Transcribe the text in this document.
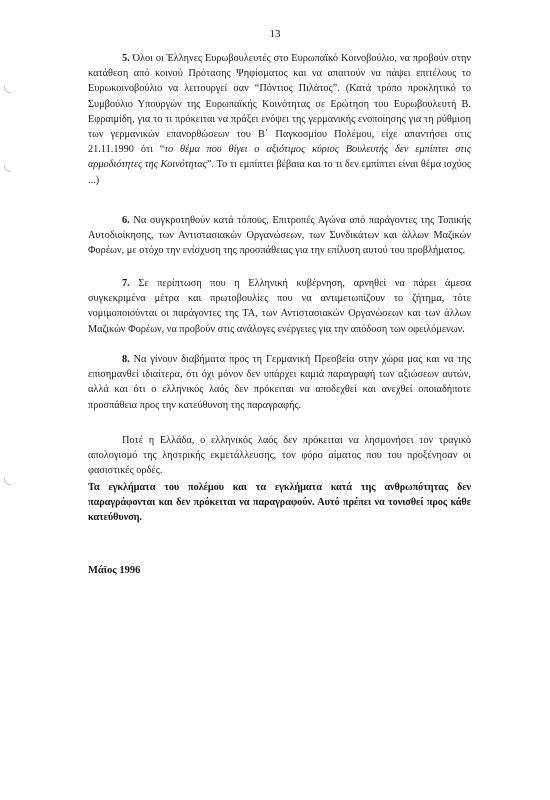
13

5. Όλοι οι Έλληνες Ευρωβουλευτές στο Ευρωπαϊκό Κοινοβούλιο, να προβούν στην κατάθεση από κοινού Πρότασης Ψηφίσματος και να απαιτούν να πάψει επιτέλους το Ευρωκοινοβούλιο να λειτουργεί σαν “Πόντιος Πιλάτος”. (Κατά τρόπο προκλητικό το Συμβούλιο Υπουργών της Ευρωπαϊκής Κοινότητας σε Ερώτηση του Ευρωβουλευτή Β. Εφραιμίδη, για το τι πρόκειται να πράξει ενόψει της γερμανικής ενοποίησης για τη ρύθμιση των γερμανικών επανορθώσεων του Β΄ Παγκοσμίου Πολέμου, είχε απαντήσει στις 21.11.1990 ότι “το θέμα που θίγει ο αξιότιμος κύριος Βουλευτής δεν εμπίπτει στις αρμοδιότητες της Κοινότητας”. Το τι εμπίπτει βέβαια και το τι δεν εμπίπτει είναι θέμα ισχύος ...)

6. Να συγκροτηθούν κατά τόπους, Επιτροπές Αγώνα από παράγοντες της Τοπικής Αυτοδιοίκησης, των Αντιστασιακών Οργανώσεων, των Συνδικάτων και άλλων Μαζικών Φορέων, με στόχο την ενίσχυση της προσπάθειας για την επίλυση αυτού του προβλήματος.

7. Σε περίπτωση που η Ελληνική κυβέρνηση, αρνηθεί να πάρει άμεσα συγκεκριμένα μέτρα και πρωτοβουλίες που να αντιμετωπίζουν το ζήτημα, τότε νομιμοποιούνται οι παράγοντες της ΤΑ, των Αντιστασιακών Οργανώσεων και των άλλων Μαζικών Φορέων, να προβούν στις ανάλογες ενέργειες για την απόδοση των οφειλόμενων.

8. Να γίνουν διαβήματα προς τη Γερμανική Πρεσβεία στην χώρα μας και να της επισημανθεί ιδιαίτερα, ότι όχι μόνον δεν υπάρχει καμιά παραγραφή των αξιώσεων αυτών, αλλά και ότι ο ελληνικός λαός δεν πρόκειται να αποδεχθεί και ανεχθεί οποιαδήποτε προσπάθεια προς την κατεύθυνση της παραγραφής.

Ποτέ η Ελλάδα, ο ελληνικός λαός δεν πρόκειται να λησμονήσει τον τραγικό απολογισμό της ληστρικής εκμετάλλευσης, τον φόρο αίματος που του προξένησαν οι φασιστικές ορδές.

Τα εγκλήματα του πολέμου και τα εγκλήματα κατά της ανθρωπότητας δεν παραγράφονται και δεν πρόκειται να παραγραφούν. Αυτό πρέπει να τονισθεί προς κάθε κατεύθυνση.

Μάϊος 1996
